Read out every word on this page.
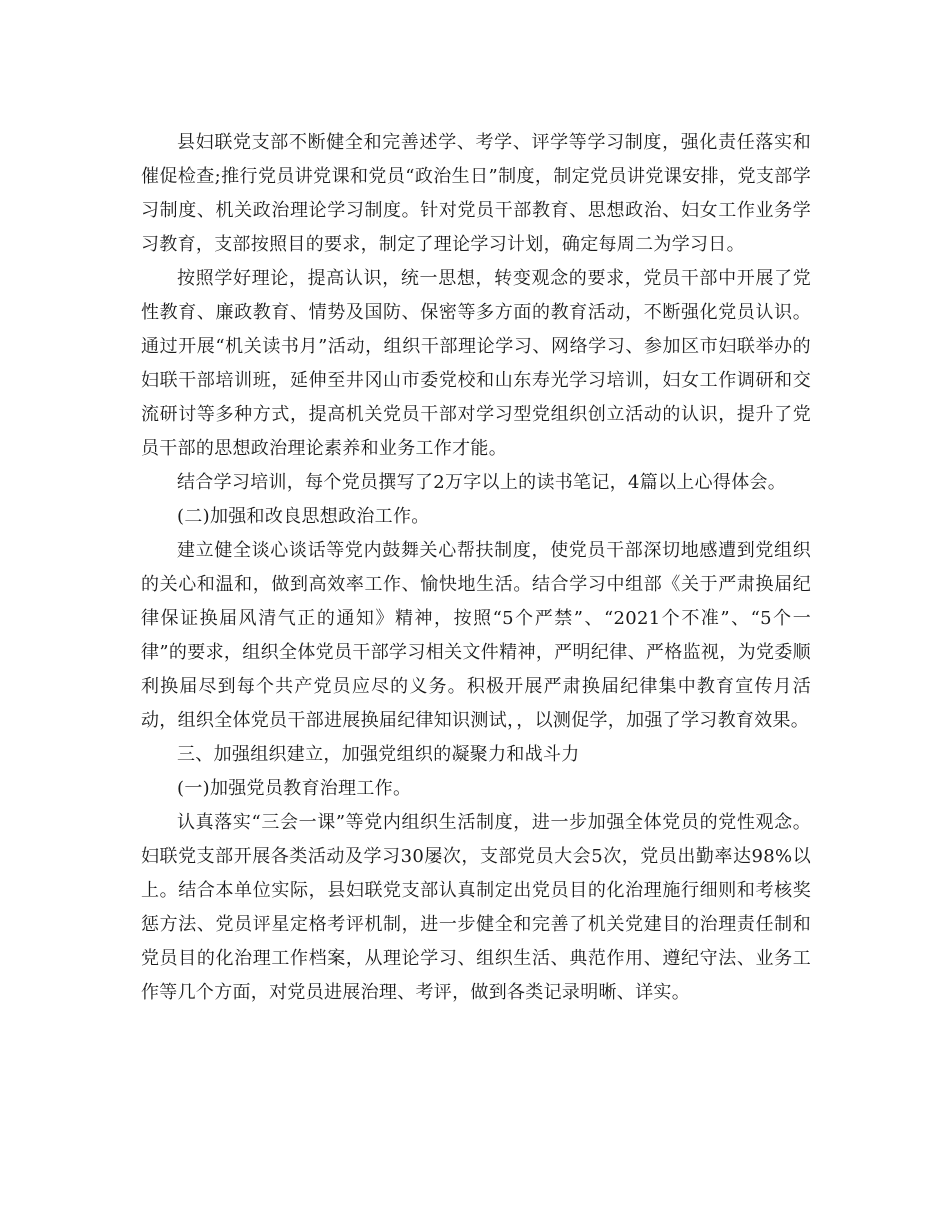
县妇联党支部不断健全和完善述学、考学、评学等学习制度，强化责任落实和催促检查;推行党员讲党课和党员“政治生日”制度，制定党员讲党课安排，党支部学习制度、机关政治理论学习制度。针对党员干部教育、思想政治、妇女工作业务学习教育，支部按照目的要求，制定了理论学习计划，确定每周二为学习日。

按照学好理论，提高认识，统一思想，转变观念的要求，党员干部中开展了党性教育、廉政教育、情势及国防、保密等多方面的教育活动，不断强化党员认识。通过开展“机关读书月”活动，组织干部理论学习、网络学习、参加区市妇联举办的妇联干部培训班，延伸至井冈山市委党校和山东寿光学习培训，妇女工作调研和交流研讨等多种方式，提高机关党员干部对学习型党组织创立活动的认识，提升了党员干部的思想政治理论素养和业务工作才能。

结合学习培训，每个党员撰写了2万字以上的读书笔记，4篇以上心得体会。

(二)加强和改良思想政治工作。

建立健全谈心谈话等党内鼓舞关心帮扶制度，使党员干部深切地感遭到党组织的关心和温和，做到高效率工作、愉快地生活。结合学习中组部《关于严肃换届纪律保证换届风清气正的通知》精神，按照“5个严禁”、“2021个不准”、“5个一律”的要求，组织全体党员干部学习相关文件精神，严明纪律、严格监视，为党委顺利换届尽到每个共产党员应尽的义务。积极开展严肃换届纪律集中教育宣传月活动，组织全体党员干部进展换届纪律知识测试，，以测促学，加强了学习教育效果。

三、加强组织建立，加强党组织的凝聚力和战斗力

(一)加强党员教育治理工作。

认真落实“三会一课”等党内组织生活制度，进一步加强全体党员的党性观念。妇联党支部开展各类活动及学习30屡次，支部党员大会5次，党员出勤率达98%以上。结合本单位实际，县妇联党支部认真制定出党员目的化治理施行细则和考核奖惩方法、党员评星定格考评机制，进一步健全和完善了机关党建目的治理责任制和党员目的化治理工作档案，从理论学习、组织生活、典范作用、遵纪守法、业务工作等几个方面，对党员进展治理、考评，做到各类记录明晰、详实。
